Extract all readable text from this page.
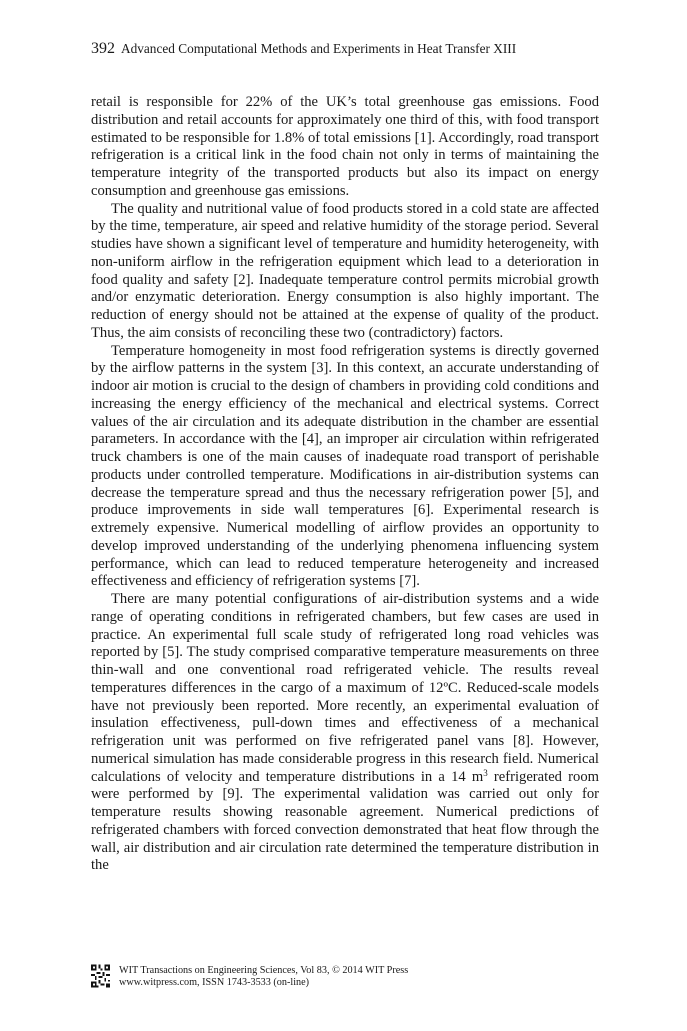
392 Advanced Computational Methods and Experiments in Heat Transfer XIII

retail is responsible for 22% of the UK’s total greenhouse gas emissions. Food distribution and retail accounts for approximately one third of this, with food transport estimated to be responsible for 1.8% of total emissions [1]. Accordingly, road transport refrigeration is a critical link in the food chain not only in terms of maintaining the temperature integrity of the transported products but also its impact on energy consumption and greenhouse gas emissions.

The quality and nutritional value of food products stored in a cold state are affected by the time, temperature, air speed and relative humidity of the storage period. Several studies have shown a significant level of temperature and humidity heterogeneity, with non-uniform airflow in the refrigeration equipment which lead to a deterioration in food quality and safety [2]. Inadequate temperature control permits microbial growth and/or enzymatic deterioration. Energy consumption is also highly important. The reduction of energy should not be attained at the expense of quality of the product. Thus, the aim consists of reconciling these two (contradictory) factors.

Temperature homogeneity in most food refrigeration systems is directly governed by the airflow patterns in the system [3]. In this context, an accurate understanding of indoor air motion is crucial to the design of chambers in providing cold conditions and increasing the energy efficiency of the mechanical and electrical systems. Correct values of the air circulation and its adequate distribution in the chamber are essential parameters. In accordance with the [4], an improper air circulation within refrigerated truck chambers is one of the main causes of inadequate road transport of perishable products under controlled temperature. Modifications in air-distribution systems can decrease the temperature spread and thus the necessary refrigeration power [5], and produce improvements in side wall temperatures [6]. Experimental research is extremely expensive. Numerical modelling of airflow provides an opportunity to develop improved understanding of the underlying phenomena influencing system performance, which can lead to reduced temperature heterogeneity and increased effectiveness and efficiency of refrigeration systems [7].

There are many potential configurations of air-distribution systems and a wide range of operating conditions in refrigerated chambers, but few cases are used in practice. An experimental full scale study of refrigerated long road vehicles was reported by [5]. The study comprised comparative temperature measurements on three thin-wall and one conventional road refrigerated vehicle. The results reveal temperatures differences in the cargo of a maximum of 12ºC. Reduced-scale models have not previously been reported. More recently, an experimental evaluation of insulation effectiveness, pull-down times and effectiveness of a mechanical refrigeration unit was performed on five refrigerated panel vans [8]. However, numerical simulation has made considerable progress in this research field. Numerical calculations of velocity and temperature distributions in a 14 $m^3$ refrigerated room were performed by [9]. The experimental validation was carried out only for temperature results showing reasonable agreement. Numerical predictions of refrigerated chambers with forced convection demonstrated that heat flow through the wall, air distribution and air circulation rate determined the temperature distribution in the

WIT Transactions on Engineering Sciences, Vol 83, © 2014 WIT Press
www.witpress.com, ISSN 1743-3533 (on-line)
